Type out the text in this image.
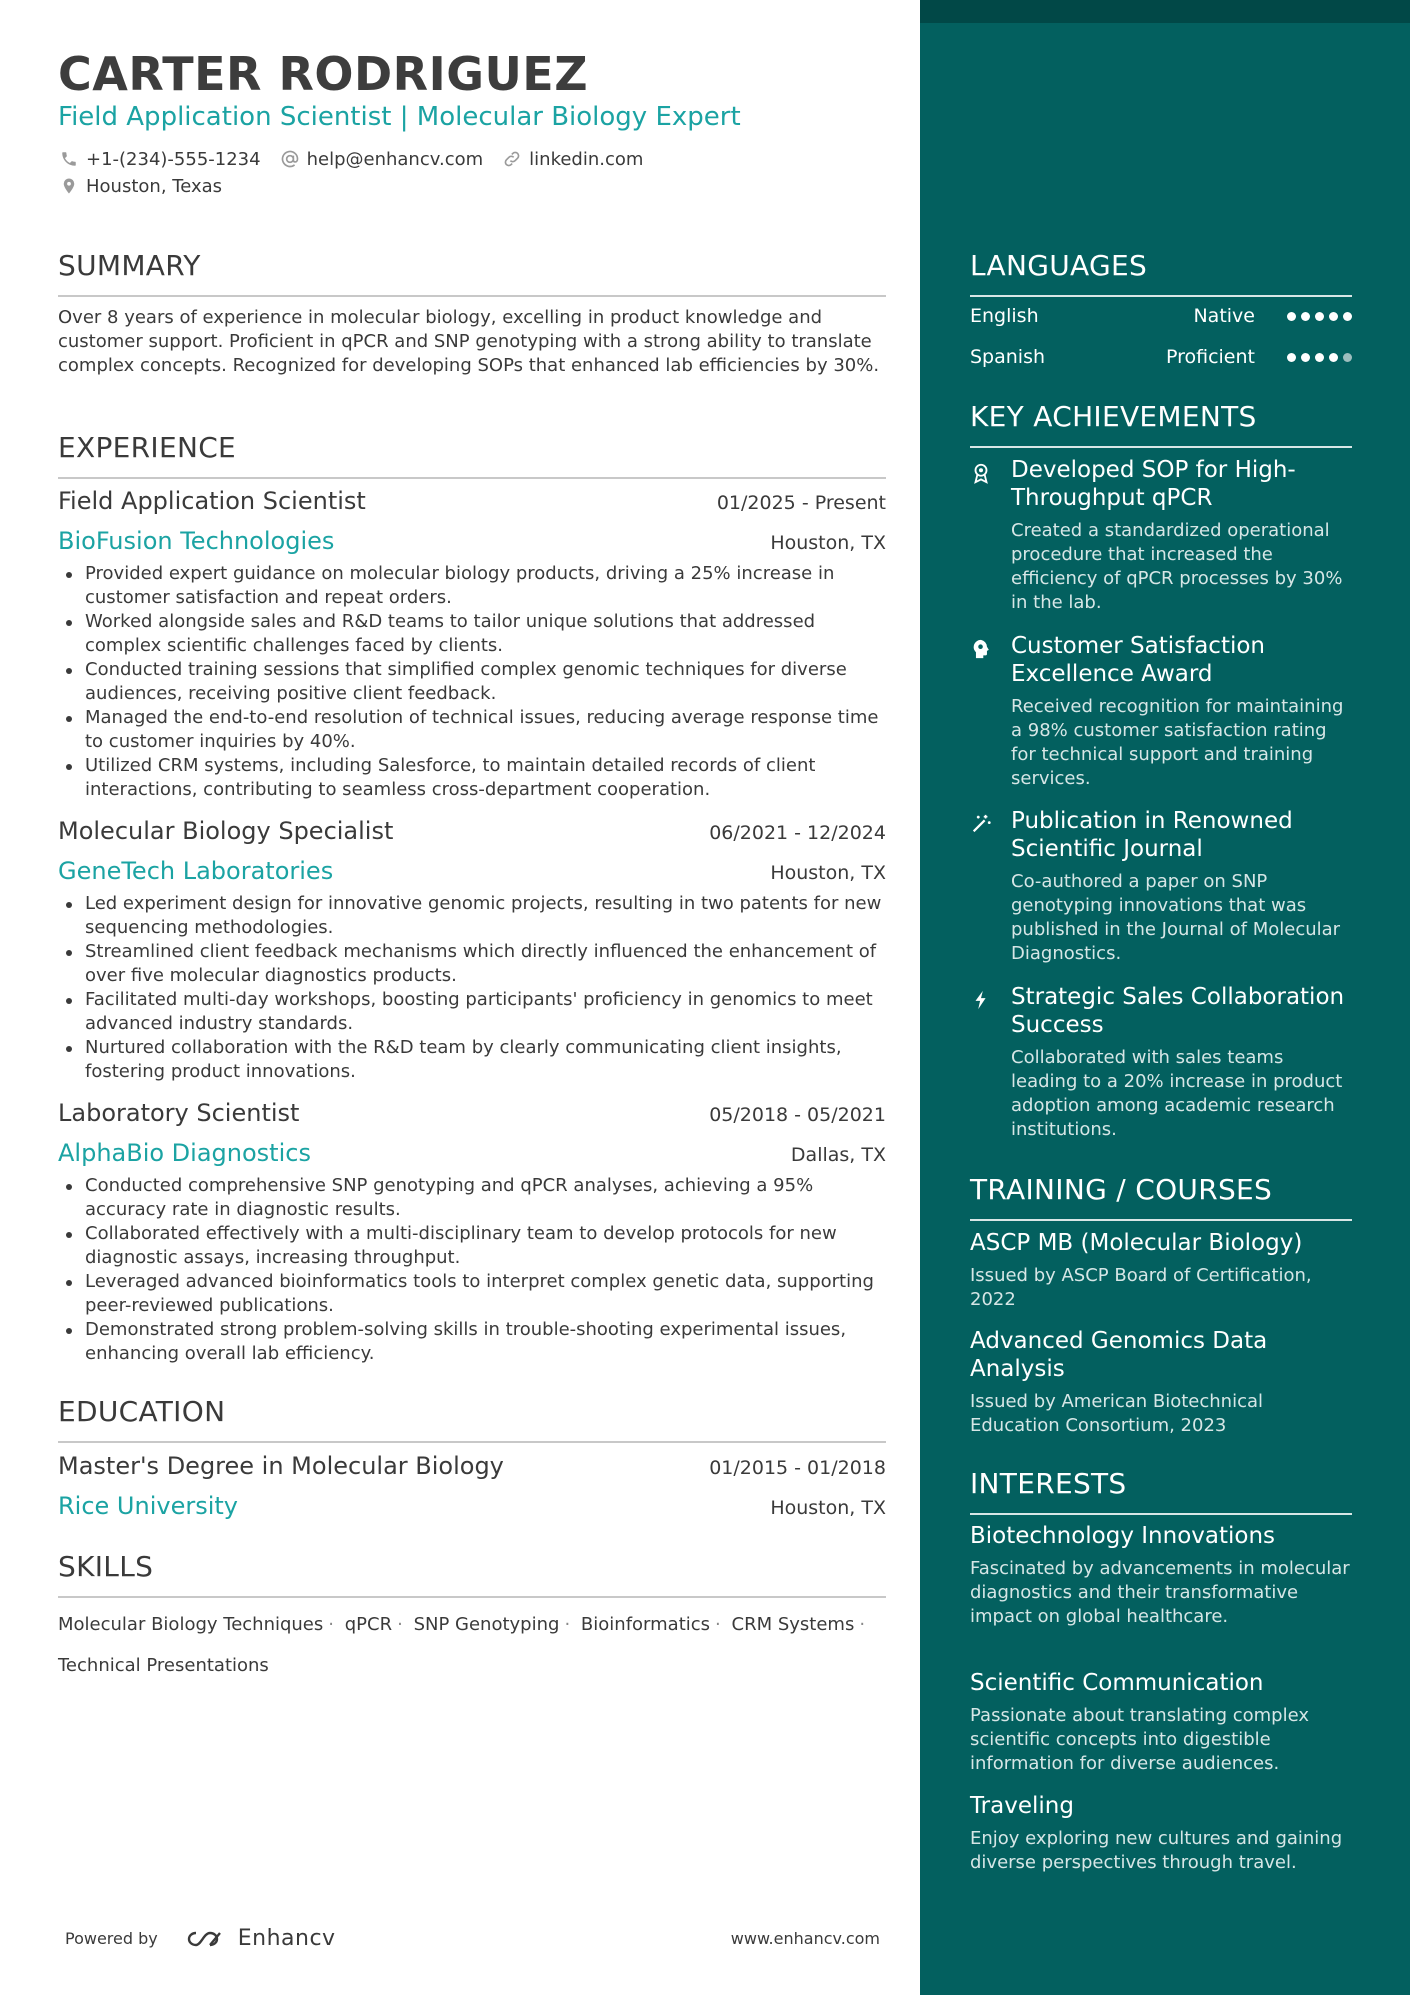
CARTER RODRIGUEZ
Field Application Scientist | Molecular Biology Expert
+1-(234)-555-1234	help@enhancv.com	linkedin.com
Houston, Texas
SUMMARY
Over 8 years of experience in molecular biology, excelling in product knowledge and customer support. Proficient in qPCR and SNP genotyping with a strong ability to translate complex concepts. Recognized for developing SOPs that enhanced lab efficiencies by 30%.
EXPERIENCE
Field Application Scientist	01/2025 - Present
BioFusion Technologies	Houston, TX
Provided expert guidance on molecular biology products, driving a 25% increase in customer satisfaction and repeat orders.
Worked alongside sales and R&D teams to tailor unique solutions that addressed complex scientific challenges faced by clients.
Conducted training sessions that simplified complex genomic techniques for diverse audiences, receiving positive client feedback.
Managed the end-to-end resolution of technical issues, reducing average response time to customer inquiries by 40%.
Utilized CRM systems, including Salesforce, to maintain detailed records of client interactions, contributing to seamless cross-department cooperation.
Molecular Biology Specialist	06/2021 - 12/2024
GeneTech Laboratories	Houston, TX
Led experiment design for innovative genomic projects, resulting in two patents for new sequencing methodologies.
Streamlined client feedback mechanisms which directly influenced the enhancement of over five molecular diagnostics products.
Facilitated multi-day workshops, boosting participants' proficiency in genomics to meet advanced industry standards.
Nurtured collaboration with the R&D team by clearly communicating client insights, fostering product innovations.
Laboratory Scientist	05/2018 - 05/2021
AlphaBio Diagnostics	Dallas, TX
Conducted comprehensive SNP genotyping and qPCR analyses, achieving a 95% accuracy rate in diagnostic results.
Collaborated effectively with a multi-disciplinary team to develop protocols for new diagnostic assays, increasing throughput.
Leveraged advanced bioinformatics tools to interpret complex genetic data, supporting peer-reviewed publications.
Demonstrated strong problem-solving skills in trouble-shooting experimental issues, enhancing overall lab efficiency.
EDUCATION
Master's Degree in Molecular Biology	01/2015 - 01/2018
Rice University	Houston, TX
SKILLS
Molecular Biology Techniques · qPCR · SNP Genotyping · Bioinformatics · CRM Systems ·
Technical Presentations
Powered by	Enhancv	www.enhancv.com
LANGUAGES
English	Native
Spanish	Proficient
KEY ACHIEVEMENTS
Developed SOP for High-Throughput qPCR
Created a standardized operational procedure that increased the efficiency of qPCR processes by 30% in the lab.
Customer Satisfaction Excellence Award
Received recognition for maintaining a 98% customer satisfaction rating for technical support and training services.
Publication in Renowned Scientific Journal
Co-authored a paper on SNP genotyping innovations that was published in the Journal of Molecular Diagnostics.
Strategic Sales Collaboration Success
Collaborated with sales teams leading to a 20% increase in product adoption among academic research institutions.
TRAINING / COURSES
ASCP MB (Molecular Biology)
Issued by ASCP Board of Certification, 2022
Advanced Genomics Data Analysis
Issued by American Biotechnical Education Consortium, 2023
INTERESTS
Biotechnology Innovations
Fascinated by advancements in molecular diagnostics and their transformative impact on global healthcare.
Scientific Communication
Passionate about translating complex scientific concepts into digestible information for diverse audiences.
Traveling
Enjoy exploring new cultures and gaining diverse perspectives through travel.
